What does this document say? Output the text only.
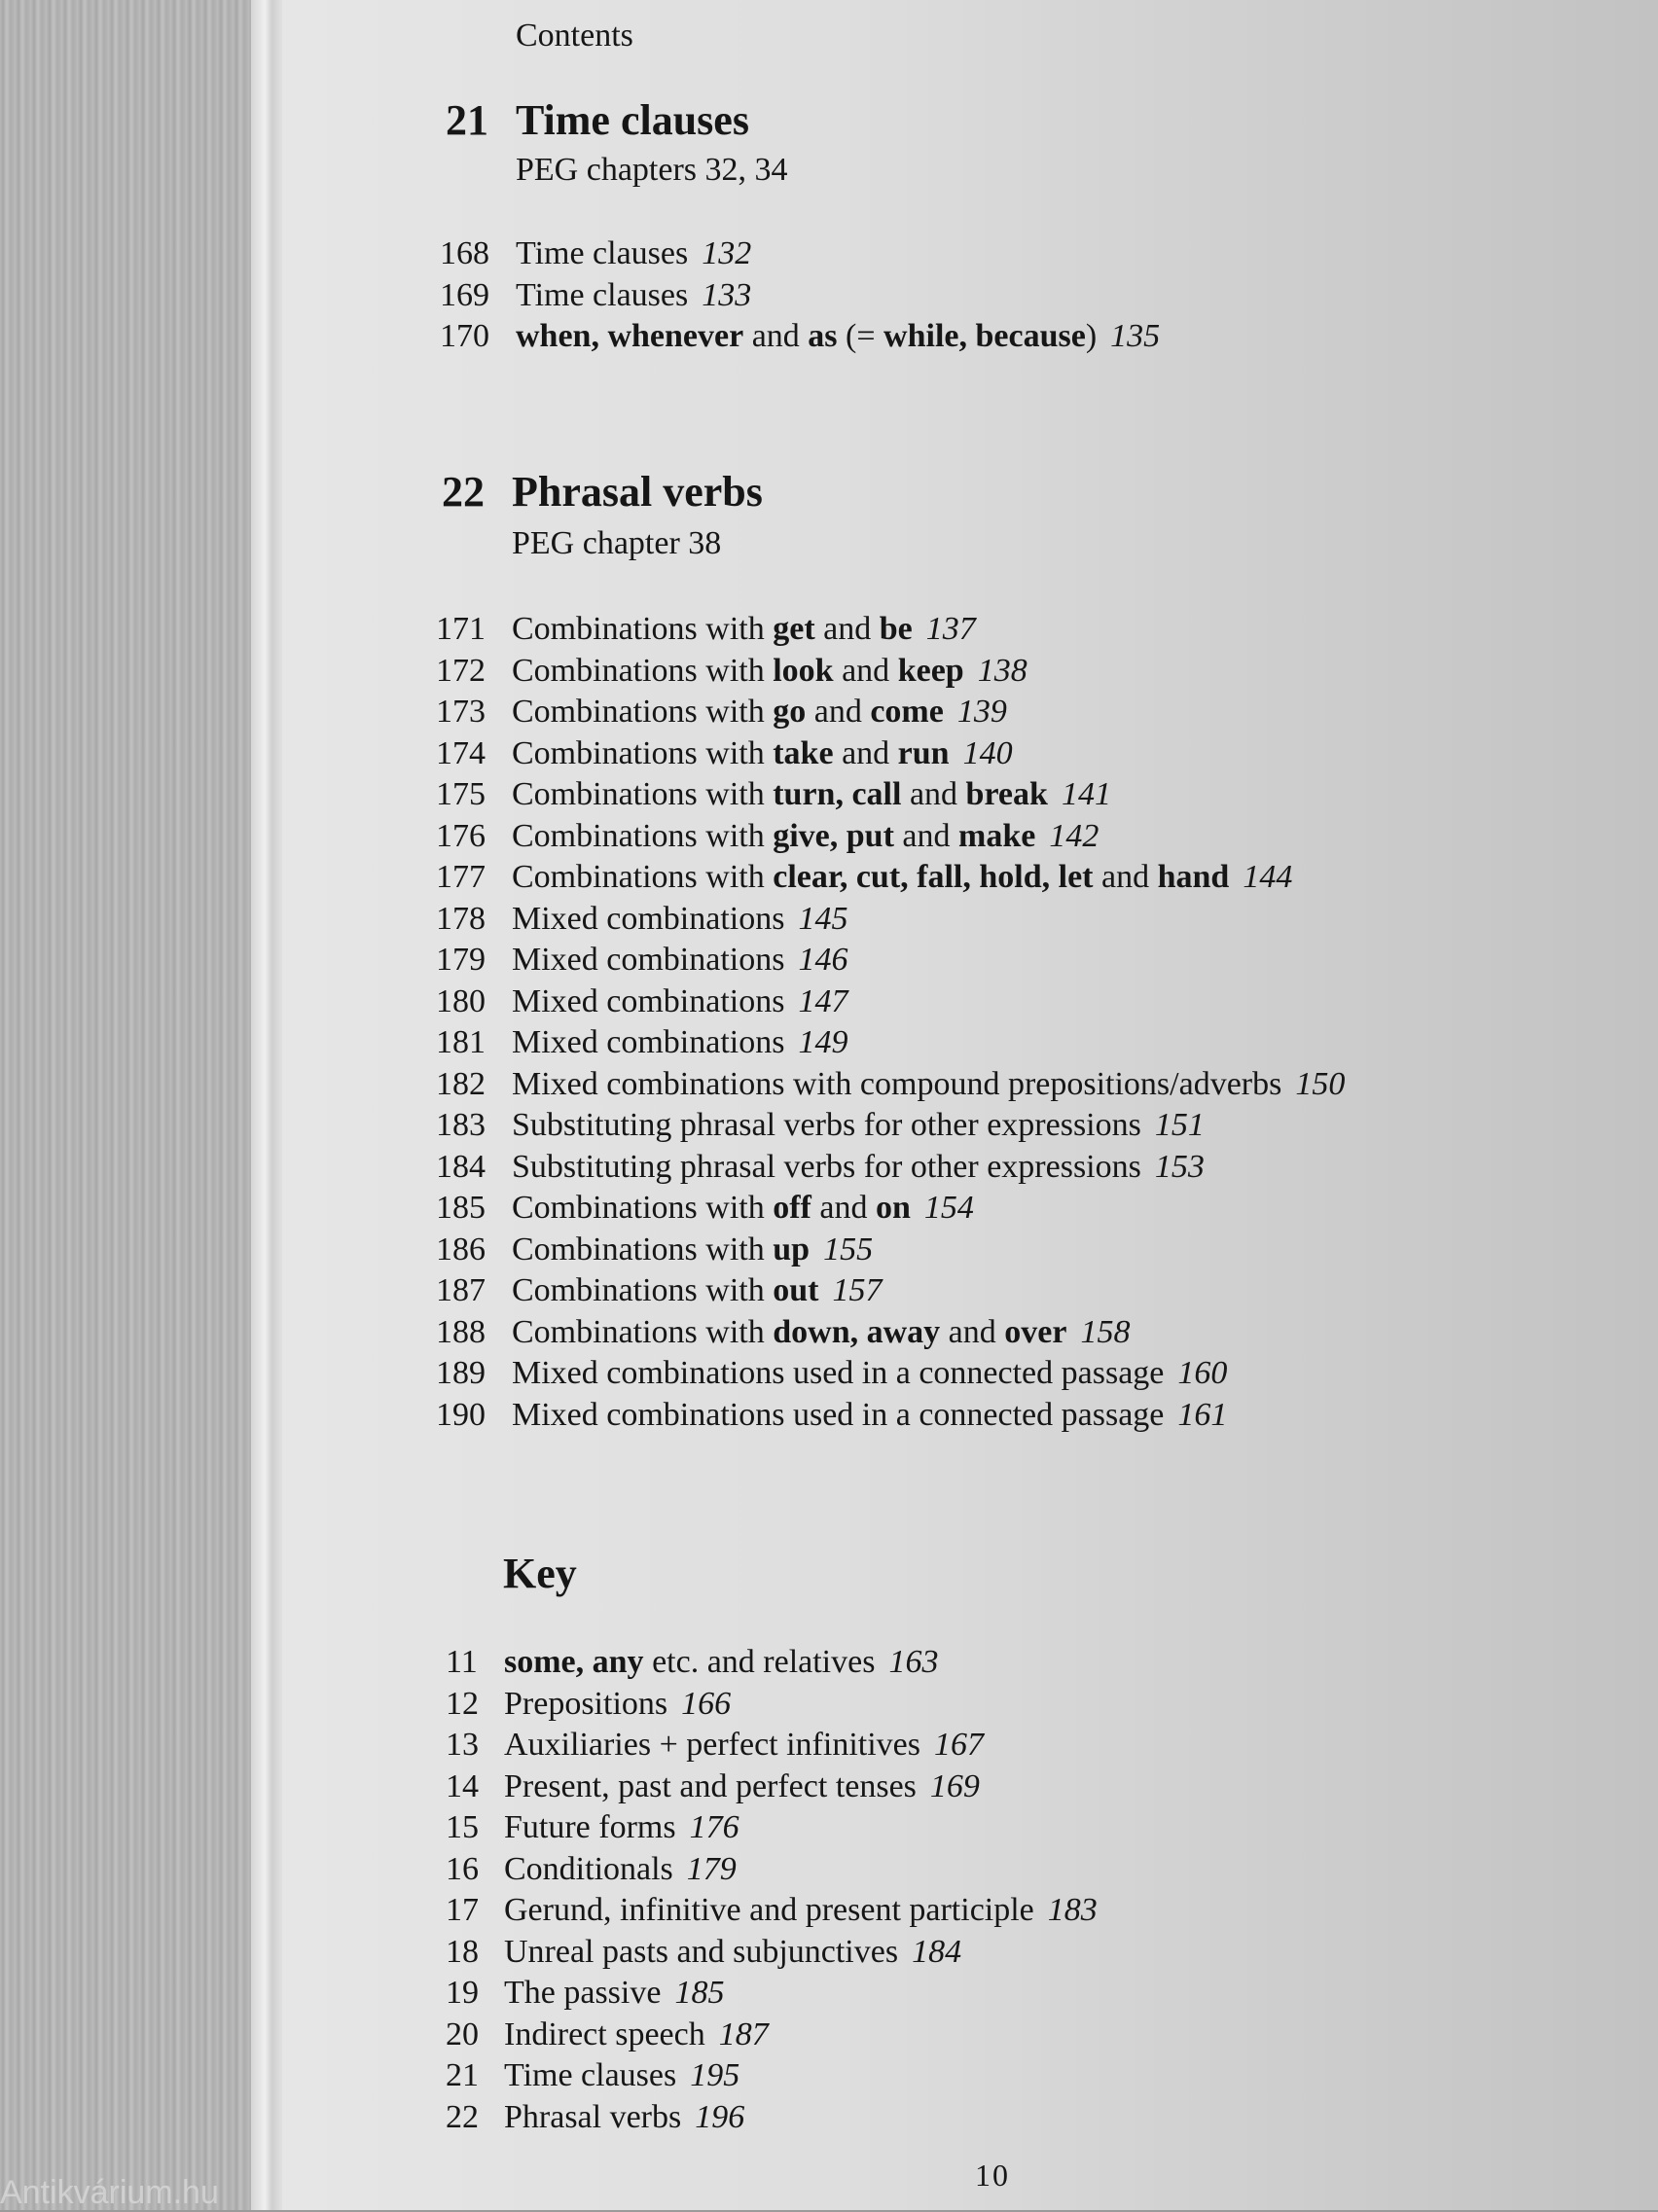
Antikvárium.hu
Contents
21 Time clauses
PEG chapters 32, 34
168 Time clauses 132
169 Time clauses 133
170 when, whenever and as (= while, because) 135
22 Phrasal verbs
PEG chapter 38
171 Combinations with get and be 137
172 Combinations with look and keep 138
173 Combinations with go and come 139
174 Combinations with take and run 140
175 Combinations with turn, call and break 141
176 Combinations with give, put and make 142
177 Combinations with clear, cut, fall, hold, let and hand 144
178 Mixed combinations 145
179 Mixed combinations 146
180 Mixed combinations 147
181 Mixed combinations 149
182 Mixed combinations with compound prepositions/adverbs 150
183 Substituting phrasal verbs for other expressions 151
184 Substituting phrasal verbs for other expressions 153
185 Combinations with off and on 154
186 Combinations with up 155
187 Combinations with out 157
188 Combinations with down, away and over 158
189 Mixed combinations used in a connected passage 160
190 Mixed combinations used in a connected passage 161
Key
11 some, any etc. and relatives 163
12 Prepositions 166
13 Auxiliaries + perfect infinitives 167
14 Present, past and perfect tenses 169
15 Future forms 176
16 Conditionals 179
17 Gerund, infinitive and present participle 183
18 Unreal pasts and subjunctives 184
19 The passive 185
20 Indirect speech 187
21 Time clauses 195
22 Phrasal verbs 196
10
